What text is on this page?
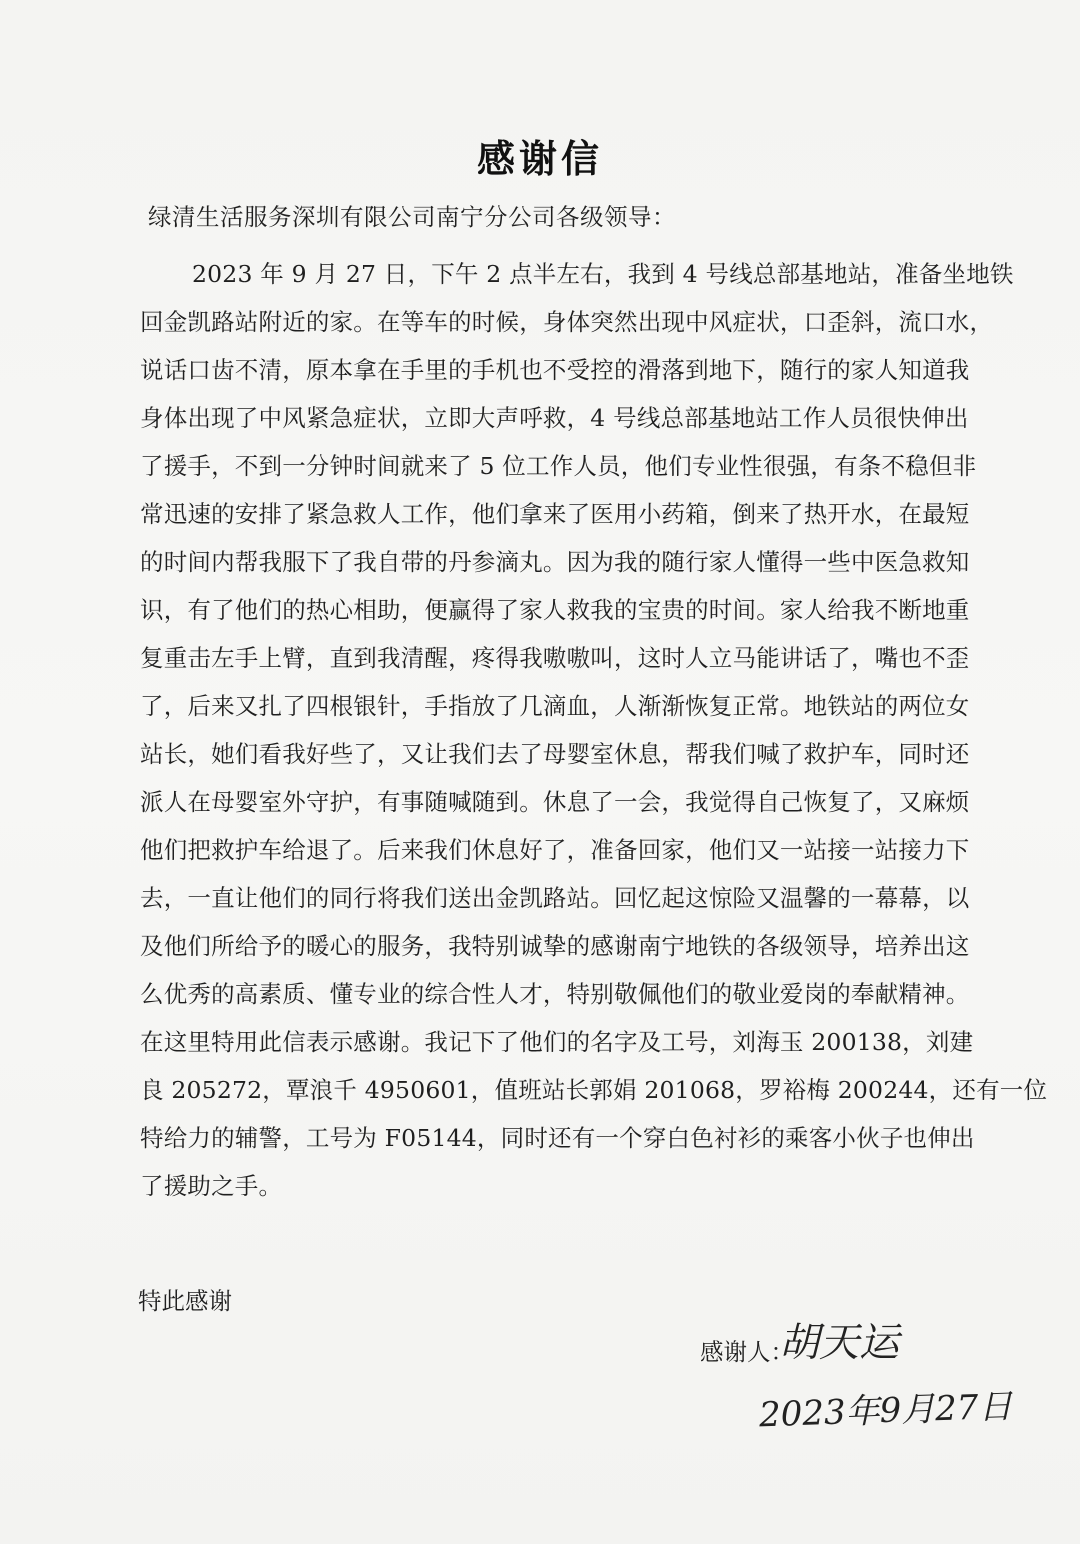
感谢信
绿清生活服务深圳有限公司南宁分公司各级领导：
2023 年 9 月 27 日，下午 2 点半左右，我到 4 号线总部基地站，准备坐地铁
回金凯路站附近的家。在等车的时候，身体突然出现中风症状，口歪斜，流口水，
说话口齿不清，原本拿在手里的手机也不受控的滑落到地下，随行的家人知道我
身体出现了中风紧急症状，立即大声呼救，4 号线总部基地站工作人员很快伸出
了援手，不到一分钟时间就来了 5 位工作人员，他们专业性很强，有条不稳但非
常迅速的安排了紧急救人工作，他们拿来了医用小药箱，倒来了热开水，在最短
的时间内帮我服下了我自带的丹参滴丸。因为我的随行家人懂得一些中医急救知
识，有了他们的热心相助，便赢得了家人救我的宝贵的时间。家人给我不断地重
复重击左手上臂，直到我清醒，疼得我嗷嗷叫，这时人立马能讲话了，嘴也不歪
了，后来又扎了四根银针，手指放了几滴血，人渐渐恢复正常。地铁站的两位女
站长，她们看我好些了，又让我们去了母婴室休息，帮我们喊了救护车，同时还
派人在母婴室外守护，有事随喊随到。休息了一会，我觉得自己恢复了，又麻烦
他们把救护车给退了。后来我们休息好了，准备回家，他们又一站接一站接力下
去，一直让他们的同行将我们送出金凯路站。回忆起这惊险又温馨的一幕幕，以
及他们所给予的暖心的服务，我特别诚挚的感谢南宁地铁的各级领导，培养出这
么优秀的高素质、懂专业的综合性人才，特别敬佩他们的敬业爱岗的奉献精神。
在这里特用此信表示感谢。我记下了他们的名字及工号，刘海玉 200138，刘建
良 205272，覃浪千 4950601，值班站长郭娟 201068，罗裕梅 200244，还有一位
特给力的辅警，工号为 F05144，同时还有一个穿白色衬衫的乘客小伙子也伸出
了援助之手。
特此感谢
感谢人：
胡天运
2023年9月27日
